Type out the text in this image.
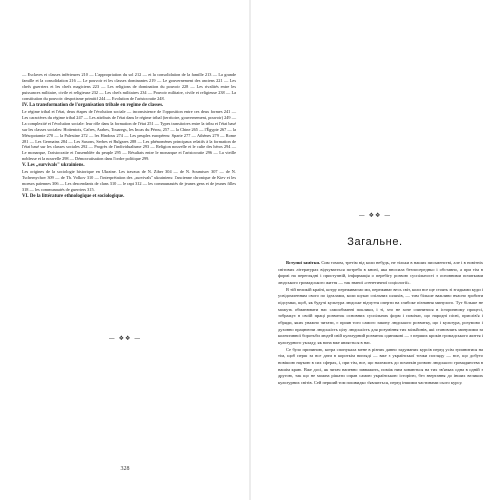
— Esclaves et classes inférieures 210 — L'appropriation du sol 212 — et la consolidation de la famille 213 — La grande famille et la consolidation 216 — Le pouvoir et les classes dominantes 219 — Le gouvernement des anciens 221 — Les chefs guerriers et les chefs magiciens 223 — Les religions de domination du pouvoir 228 — Les rivalités entre les puissances militaire, civile et religieuse 232 — Les chefs militaires 234 — Pouvoir militaire, civile et religieuse 238 — La constitution du pouvoir: despotisme primitif 244 — Evolution de l'aristocratie 248.

IV. La transformation de l'organisation tribale en regime de classes.

Le régime tribal et l'état, deux étapes de l'évolution sociale — inconsistence de l'opposition entre ces deux formes 241 — Les caractères du régime tribal 247 — Les attributs de l'état dans le régime tribal (territoire, gouvernement, pouvoir) 249 — La complexité et l'évolution sociale: leur rôle dans la formation de l'état 251 — Types transitoires entre la tribu et l'état basé sur les classes sociales: Hottentots, Cafres, Arabes, Touaregs, les Incas du Pérou, 257 — la Chine 265 — l'Égypte 267 — la Mésopotamie 270 — la Palestine 272 — les Hindous 274 — Les peuples européens: Sparte 277 — Athènes 279 — Rome 281 — Les Germains 284 — Les Saxons, Serbes et Bulgares 288 — Les phénomènes principaux relatifs à la formation de l'état basé sur les classes sociales 292 — Progrès de l'individualisme 293 — Religion nouvelle et le culte des héros 294 — Le monarque, l'aristocratie et l'assemblée du peuple 295 — Résultats entre le monarque et l'aristocratie 296 — La vieille noblesse et la nouvelle 298 — Démocratisation dans l'ordre politique 299.

V. Les „survivals" ukrainiens.

Les origines de la sociologie historique en Ukraine. Les travaux de N. Ziber 304 — de N. Soumtsov 307 — de N. Tschernychov 309 — de Th. Volkov 310 — l'interprétation des „survivals" ukrainiens: l'ancienne chronique de Kiev et les moeurs païennes 306 — Les descendants de clans 310 — le rapt 312 — les communautés de jeunes gens et de jeunes filles 318 — les communautés de guerriers 315.

VI. De la littérature ethnologique et sociologique.
— ❖❖ —
328
— ❖❖ —
Загальне.

Вступні замітки. Сим томом, третім від коли небудь, не тільки в наших письменстві, але і в новітніх світових літературах відчувається потреба в книзі, яка вносила безпосередньо і обставно, а при тім в формі на переглядні і приступній, інформація о перебігу розвою суспільності з основними початками людського громадського життя — так званої «генетичної соціології».

В тій великій країні, котру переживаємо ми, переживає весь світ, коли все ще стоять зі згадками куди і усвідомленням свого по ідеалами, коли шукає спільних шляхів, — тим більше важливо вчасно зробити підсумки, щоб, як будучі культура людське відчуття оперти на глибоке пізнання минулого. Тут більше не можуть обманювати нас самообманні поклики, і ті, хто не хоче спинитися в історичному процесі, зображує в своїй праці розвиток основних суспільних форм і помічає, що народні пісні, прислів'я і обряди, яких уважно читати, є прояв того самого закону людського розвитку, що і культура, розумово і духовно працюючи людськість цілу людськість для розуміння тих мільйонів, які становлять минулими за колективної боротьби людей свій культурний розвиток одинакові — з перших кроків громадського життя і культурного укладу, як вона вже являється в нас.

Се було причиною, котра спонукала мене в різних давно задуманих курсів перед усім зупинитися на тім, щоб перш за все дати в короткім вигляді — вже з української точки погляду — все, що добуто новішою наукою в сих сферах, і, при тім, все, що належить до початків розвою людського громадянства в нашім краю. Вже досі, як читач напевно завважить, поміж ним ховаються на тих зв'язках одна в одній з другою, так що не можна рішати справ самою українською історією, без звертання до інших великих культурних світів. Сей перший том пошвидко з'являється, перед іншими частинами сього курсу.
